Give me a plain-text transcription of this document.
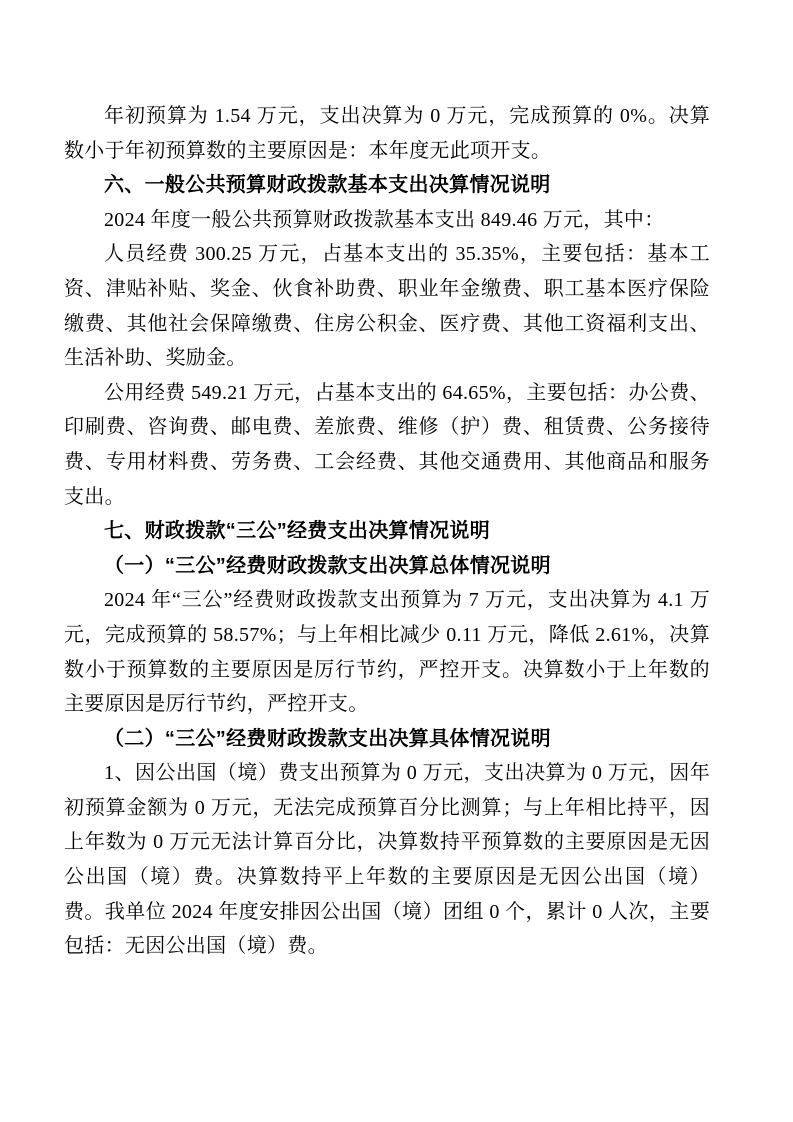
年初预算为 1.54 万元，支出决算为 0 万元，完成预算的 0%。决算数小于年初预算数的主要原因是：本年度无此项开支。

六、一般公共预算财政拨款基本支出决算情况说明

2024 年度一般公共预算财政拨款基本支出 849.46 万元，其中：

人员经费 300.25 万元，占基本支出的 35.35%，主要包括：基本工资、津贴补贴、奖金、伙食补助费、职业年金缴费、职工基本医疗保险缴费、其他社会保障缴费、住房公积金、医疗费、其他工资福利支出、生活补助、奖励金。

公用经费 549.21 万元，占基本支出的 64.65%，主要包括：办公费、印刷费、咨询费、邮电费、差旅费、维修（护）费、租赁费、公务接待费、专用材料费、劳务费、工会经费、其他交通费用、其他商品和服务支出。

七、财政拨款“三公”经费支出决算情况说明

（一）“三公”经费财政拨款支出决算总体情况说明

2024 年“三公”经费财政拨款支出预算为 7 万元，支出决算为 4.1 万元，完成预算的 58.57%；与上年相比减少 0.11 万元，降低 2.61%，决算数小于预算数的主要原因是厉行节约，严控开支。决算数小于上年数的主要原因是厉行节约，严控开支。

（二）“三公”经费财政拨款支出决算具体情况说明

1、因公出国（境）费支出预算为 0 万元，支出决算为 0 万元，因年初预算金额为 0 万元，无法完成预算百分比测算；与上年相比持平，因上年数为 0 万元无法计算百分比，决算数持平预算数的主要原因是无因公出国（境）费。决算数持平上年数的主要原因是无因公出国（境）费。我单位 2024 年度安排因公出国（境）团组 0 个，累计 0 人次，主要包括：无因公出国（境）费。
